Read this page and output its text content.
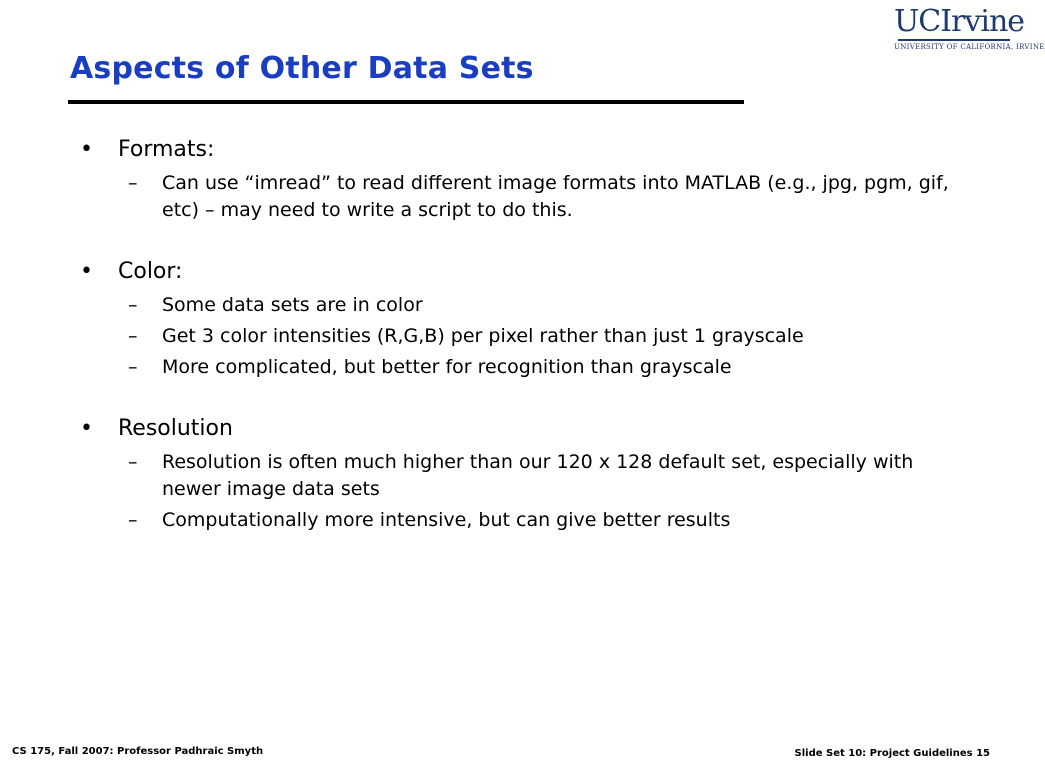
UCIrvine
UNIVERSITY OF CALIFORNIA, IRVINE
Aspects of Other Data Sets
•	Formats:
–	Can use “imread” to read different image formats into MATLAB (e.g., jpg, pgm, gif, etc) – may need to write a script to do this.
•	Color:
–	Some data sets are in color
–	Get 3 color intensities (R,G,B) per pixel rather than just 1 grayscale
–	More complicated, but better for recognition than grayscale
•	Resolution
–	Resolution is often much higher than our 120 x 128 default set, especially with newer image data sets
–	Computationally more intensive, but can give better results
CS 175, Fall 2007: Professor Padhraic Smyth	Slide Set 10: Project Guidelines 15
